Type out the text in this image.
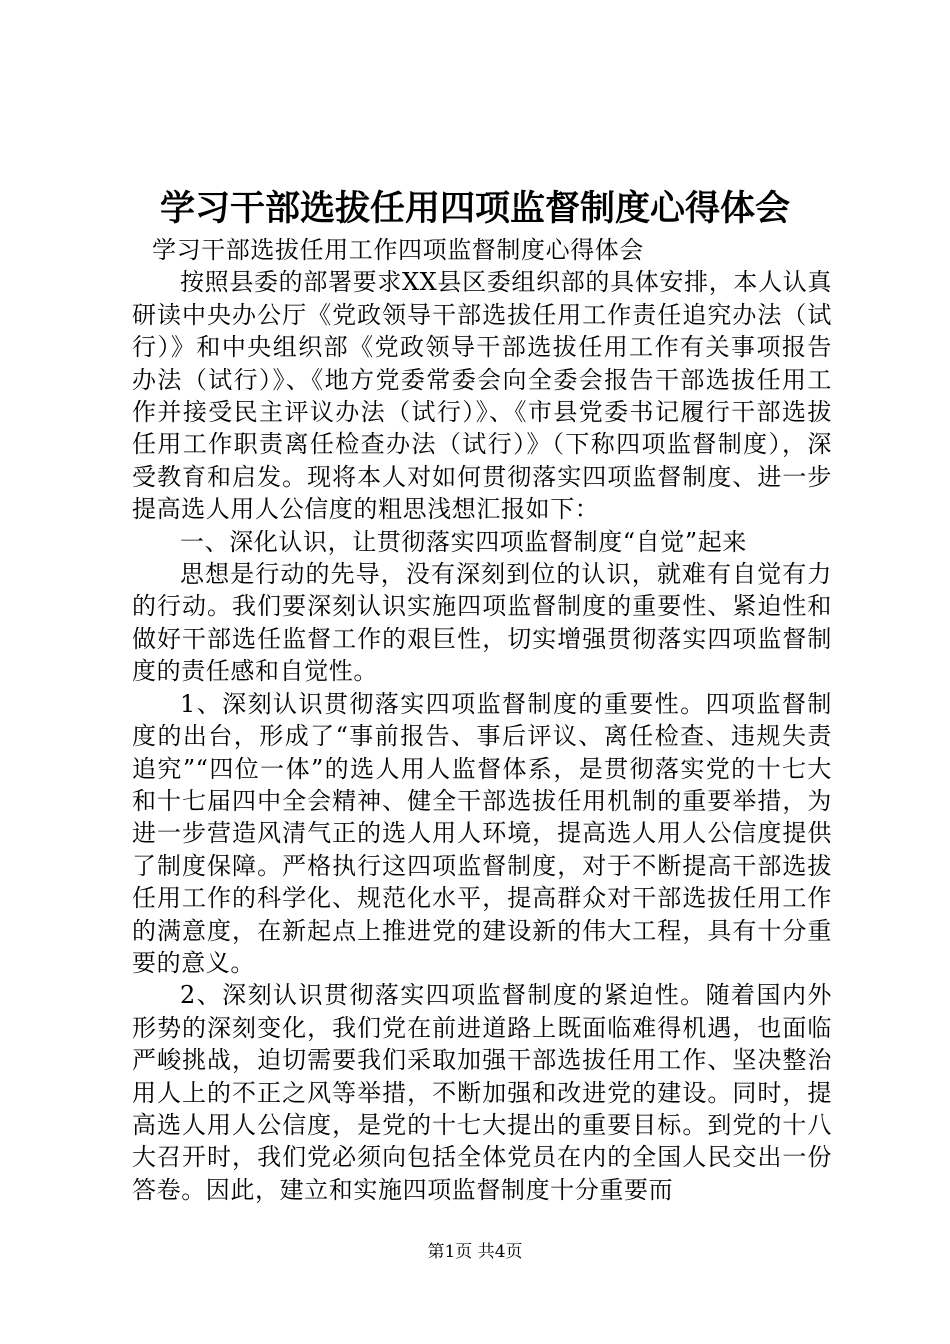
学习干部选拔任用四项监督制度心得体会

学习干部选拔任用工作四项监督制度心得体会

按照县委的部署要求XX县区委组织部的具体安排，本人认真研读中央办公厅《党政领导干部选拔任用工作责任追究办法（试行）》和中央组织部《党政领导干部选拔任用工作有关事项报告办法（试行）》、《地方党委常委会向全委会报告干部选拔任用工作并接受民主评议办法（试行）》、《市县党委书记履行干部选拔任用工作职责离任检查办法（试行）》（下称四项监督制度），深受教育和启发。现将本人对如何贯彻落实四项监督制度、进一步提高选人用人公信度的粗思浅想汇报如下：

一、深化认识，让贯彻落实四项监督制度“自觉”起来

思想是行动的先导，没有深刻到位的认识，就难有自觉有力的行动。我们要深刻认识实施四项监督制度的重要性、紧迫性和做好干部选任监督工作的艰巨性，切实增强贯彻落实四项监督制度的责任感和自觉性。

1、深刻认识贯彻落实四项监督制度的重要性。四项监督制度的出台，形成了“事前报告、事后评议、离任检查、违规失责追究”“四位一体”的选人用人监督体系，是贯彻落实党的十七大和十七届四中全会精神、健全干部选拔任用机制的重要举措，为进一步营造风清气正的选人用人环境，提高选人用人公信度提供了制度保障。严格执行这四项监督制度，对于不断提高干部选拔任用工作的科学化、规范化水平，提高群众对干部选拔任用工作的满意度，在新起点上推进党的建设新的伟大工程，具有十分重要的意义。

2、深刻认识贯彻落实四项监督制度的紧迫性。随着国内外形势的深刻变化，我们党在前进道路上既面临难得机遇，也面临严峻挑战，迫切需要我们采取加强干部选拔任用工作、坚决整治用人上的不正之风等举措，不断加强和改进党的建设。同时，提高选人用人公信度，是党的十七大提出的重要目标。到党的十八大召开时，我们党必须向包括全体党员在内的全国人民交出一份答卷。因此，建立和实施四项监督制度十分重要而

第1页 共4页
